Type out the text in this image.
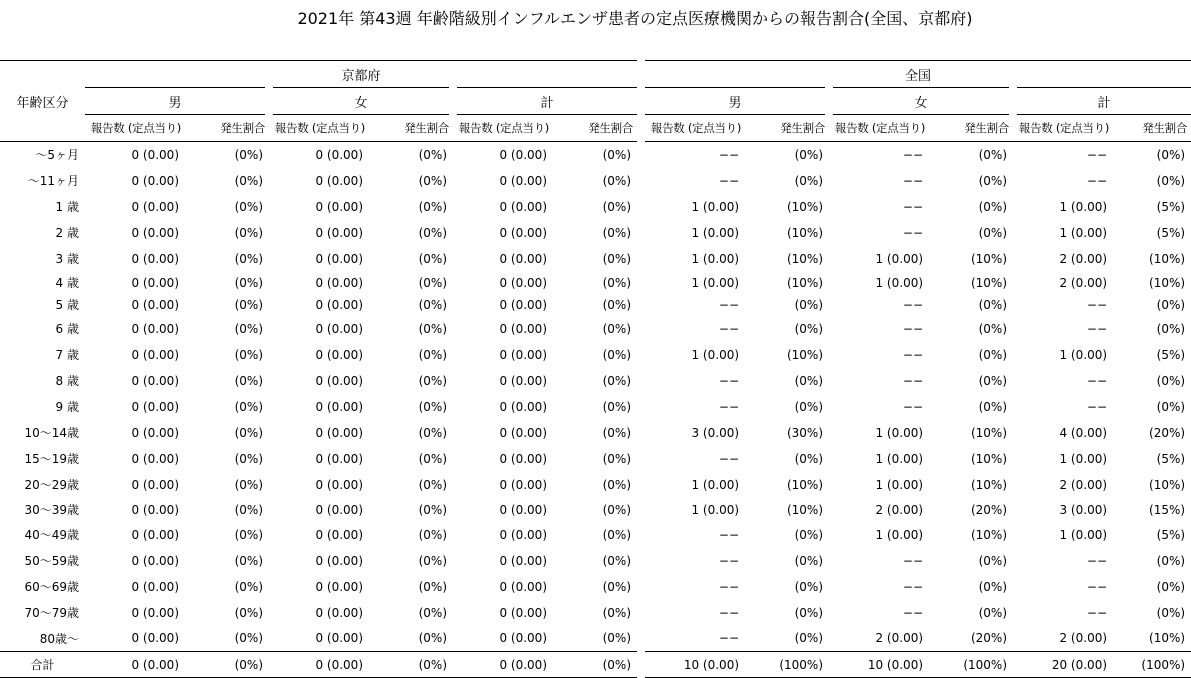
2021年 第43週 年齢階級別インフルエンザ患者の定点医療機関からの報告割合(全国、京都府)
	京都府							全国					
年齢区分	男		女		計			男		女		計	
	報告数 (定点当り)	発生割合	報告数 (定点当り)	発生割合	報告数 (定点当り)	発生割合		報告数 (定点当り)	発生割合	報告数 (定点当り)	発生割合	報告数 (定点当り)	発生割合
〜5ヶ月	0 (0.00)	(0%)	0 (0.00)	(0%)	0 (0.00)	(0%)		−−	(0%)	−−	(0%)	−−	(0%)
〜11ヶ月	0 (0.00)	(0%)	0 (0.00)	(0%)	0 (0.00)	(0%)		−−	(0%)	−−	(0%)	−−	(0%)
1 歳	0 (0.00)	(0%)	0 (0.00)	(0%)	0 (0.00)	(0%)		1 (0.00)	(10%)	−−	(0%)	1 (0.00)	(5%)
2 歳	0 (0.00)	(0%)	0 (0.00)	(0%)	0 (0.00)	(0%)		1 (0.00)	(10%)	−−	(0%)	1 (0.00)	(5%)
3 歳	0 (0.00)	(0%)	0 (0.00)	(0%)	0 (0.00)	(0%)		1 (0.00)	(10%)	1 (0.00)	(10%)	2 (0.00)	(10%)
4 歳	0 (0.00)	(0%)	0 (0.00)	(0%)	0 (0.00)	(0%)		1 (0.00)	(10%)	1 (0.00)	(10%)	2 (0.00)	(10%)
5 歳	0 (0.00)	(0%)	0 (0.00)	(0%)	0 (0.00)	(0%)		−−	(0%)	−−	(0%)	−−	(0%)
6 歳	0 (0.00)	(0%)	0 (0.00)	(0%)	0 (0.00)	(0%)		−−	(0%)	−−	(0%)	−−	(0%)
7 歳	0 (0.00)	(0%)	0 (0.00)	(0%)	0 (0.00)	(0%)		1 (0.00)	(10%)	−−	(0%)	1 (0.00)	(5%)
8 歳	0 (0.00)	(0%)	0 (0.00)	(0%)	0 (0.00)	(0%)		−−	(0%)	−−	(0%)	−−	(0%)
9 歳	0 (0.00)	(0%)	0 (0.00)	(0%)	0 (0.00)	(0%)		−−	(0%)	−−	(0%)	−−	(0%)
10〜14歳	0 (0.00)	(0%)	0 (0.00)	(0%)	0 (0.00)	(0%)		3 (0.00)	(30%)	1 (0.00)	(10%)	4 (0.00)	(20%)
15〜19歳	0 (0.00)	(0%)	0 (0.00)	(0%)	0 (0.00)	(0%)		−−	(0%)	1 (0.00)	(10%)	1 (0.00)	(5%)
20〜29歳	0 (0.00)	(0%)	0 (0.00)	(0%)	0 (0.00)	(0%)		1 (0.00)	(10%)	1 (0.00)	(10%)	2 (0.00)	(10%)
30〜39歳	0 (0.00)	(0%)	0 (0.00)	(0%)	0 (0.00)	(0%)		1 (0.00)	(10%)	2 (0.00)	(20%)	3 (0.00)	(15%)
40〜49歳	0 (0.00)	(0%)	0 (0.00)	(0%)	0 (0.00)	(0%)		−−	(0%)	1 (0.00)	(10%)	1 (0.00)	(5%)
50〜59歳	0 (0.00)	(0%)	0 (0.00)	(0%)	0 (0.00)	(0%)		−−	(0%)	−−	(0%)	−−	(0%)
60〜69歳	0 (0.00)	(0%)	0 (0.00)	(0%)	0 (0.00)	(0%)		−−	(0%)	−−	(0%)	−−	(0%)
70〜79歳	0 (0.00)	(0%)	0 (0.00)	(0%)	0 (0.00)	(0%)		−−	(0%)	−−	(0%)	−−	(0%)
80歳〜	0 (0.00)	(0%)	0 (0.00)	(0%)	0 (0.00)	(0%)		−−	(0%)	2 (0.00)	(20%)	2 (0.00)	(10%)
合計	0 (0.00)	(0%)	0 (0.00)	(0%)	0 (0.00)	(0%)		10 (0.00)	(100%)	10 (0.00)	(100%)	20 (0.00)	(100%)
